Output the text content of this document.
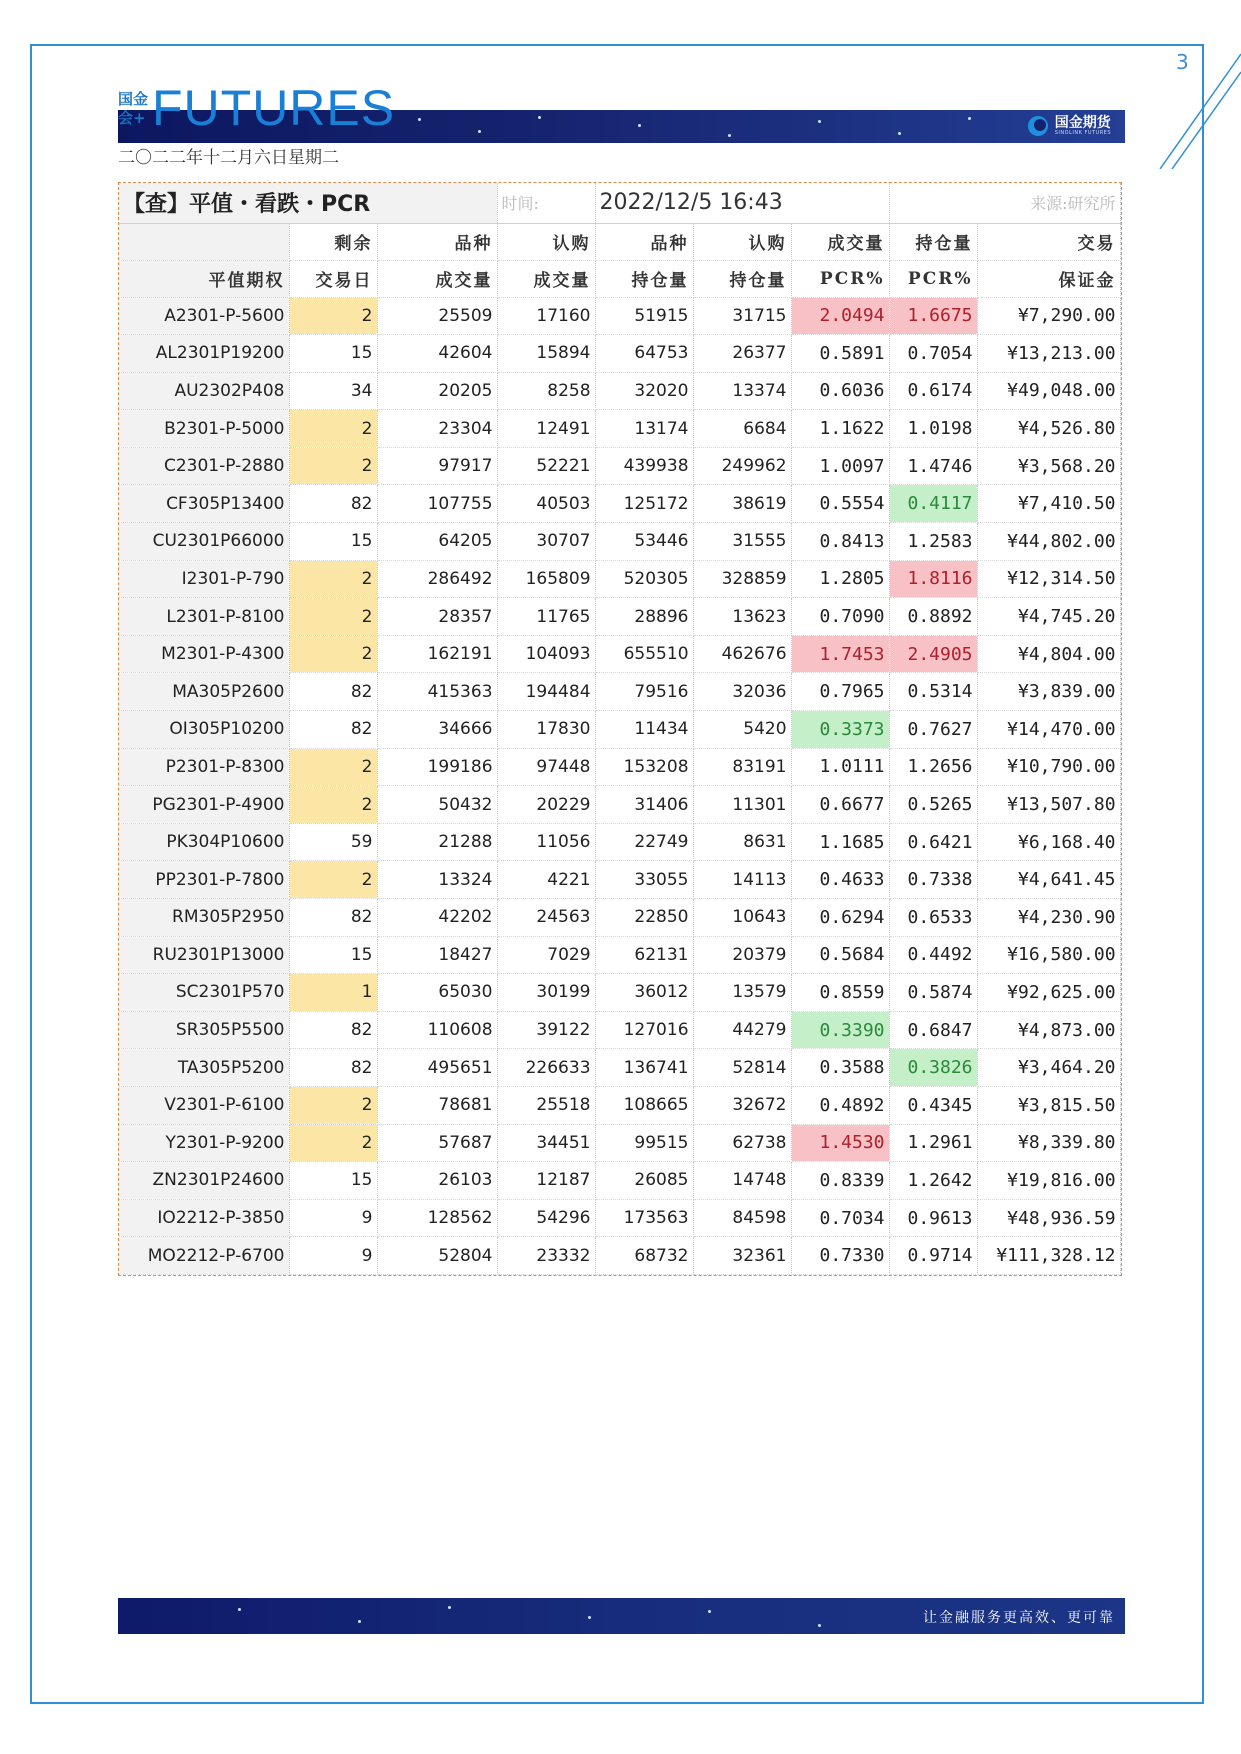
3
国金期货
SINOLINK FUTURES
国金会+ FUTURES
二〇二二年十二月六日星期二
【查】平值・看跌・PCR			时间:	2022/12/5 16:43			来源:研究所	
	剩余	品种	认购	品种	认购	成交量	持仓量	交易
平值期权	交易日	成交量	成交量	持仓量	持仓量	PCR%	PCR%	保证金
A2301-P-5600	2	25509	17160	51915	31715	2.0494	1.6675	¥7,290.00
AL2301P19200	15	42604	15894	64753	26377	0.5891	0.7054	¥13,213.00
AU2302P408	34	20205	8258	32020	13374	0.6036	0.6174	¥49,048.00
B2301-P-5000	2	23304	12491	13174	6684	1.1622	1.0198	¥4,526.80
C2301-P-2880	2	97917	52221	439938	249962	1.0097	1.4746	¥3,568.20
CF305P13400	82	107755	40503	125172	38619	0.5554	0.4117	¥7,410.50
CU2301P66000	15	64205	30707	53446	31555	0.8413	1.2583	¥44,802.00
I2301-P-790	2	286492	165809	520305	328859	1.2805	1.8116	¥12,314.50
L2301-P-8100	2	28357	11765	28896	13623	0.7090	0.8892	¥4,745.20
M2301-P-4300	2	162191	104093	655510	462676	1.7453	2.4905	¥4,804.00
MA305P2600	82	415363	194484	79516	32036	0.7965	0.5314	¥3,839.00
OI305P10200	82	34666	17830	11434	5420	0.3373	0.7627	¥14,470.00
P2301-P-8300	2	199186	97448	153208	83191	1.0111	1.2656	¥10,790.00
PG2301-P-4900	2	50432	20229	31406	11301	0.6677	0.5265	¥13,507.80
PK304P10600	59	21288	11056	22749	8631	1.1685	0.6421	¥6,168.40
PP2301-P-7800	2	13324	4221	33055	14113	0.4633	0.7338	¥4,641.45
RM305P2950	82	42202	24563	22850	10643	0.6294	0.6533	¥4,230.90
RU2301P13000	15	18427	7029	62131	20379	0.5684	0.4492	¥16,580.00
SC2301P570	1	65030	30199	36012	13579	0.8559	0.5874	¥92,625.00
SR305P5500	82	110608	39122	127016	44279	0.3390	0.6847	¥4,873.00
TA305P5200	82	495651	226633	136741	52814	0.3588	0.3826	¥3,464.20
V2301-P-6100	2	78681	25518	108665	32672	0.4892	0.4345	¥3,815.50
Y2301-P-9200	2	57687	34451	99515	62738	1.4530	1.2961	¥8,339.80
ZN2301P24600	15	26103	12187	26085	14748	0.8339	1.2642	¥19,816.00
IO2212-P-3850	9	128562	54296	173563	84598	0.7034	0.9613	¥48,936.59
MO2212-P-6700	9	52804	23332	68732	32361	0.7330	0.9714	¥111,328.12
让金融服务更高效、更可靠
